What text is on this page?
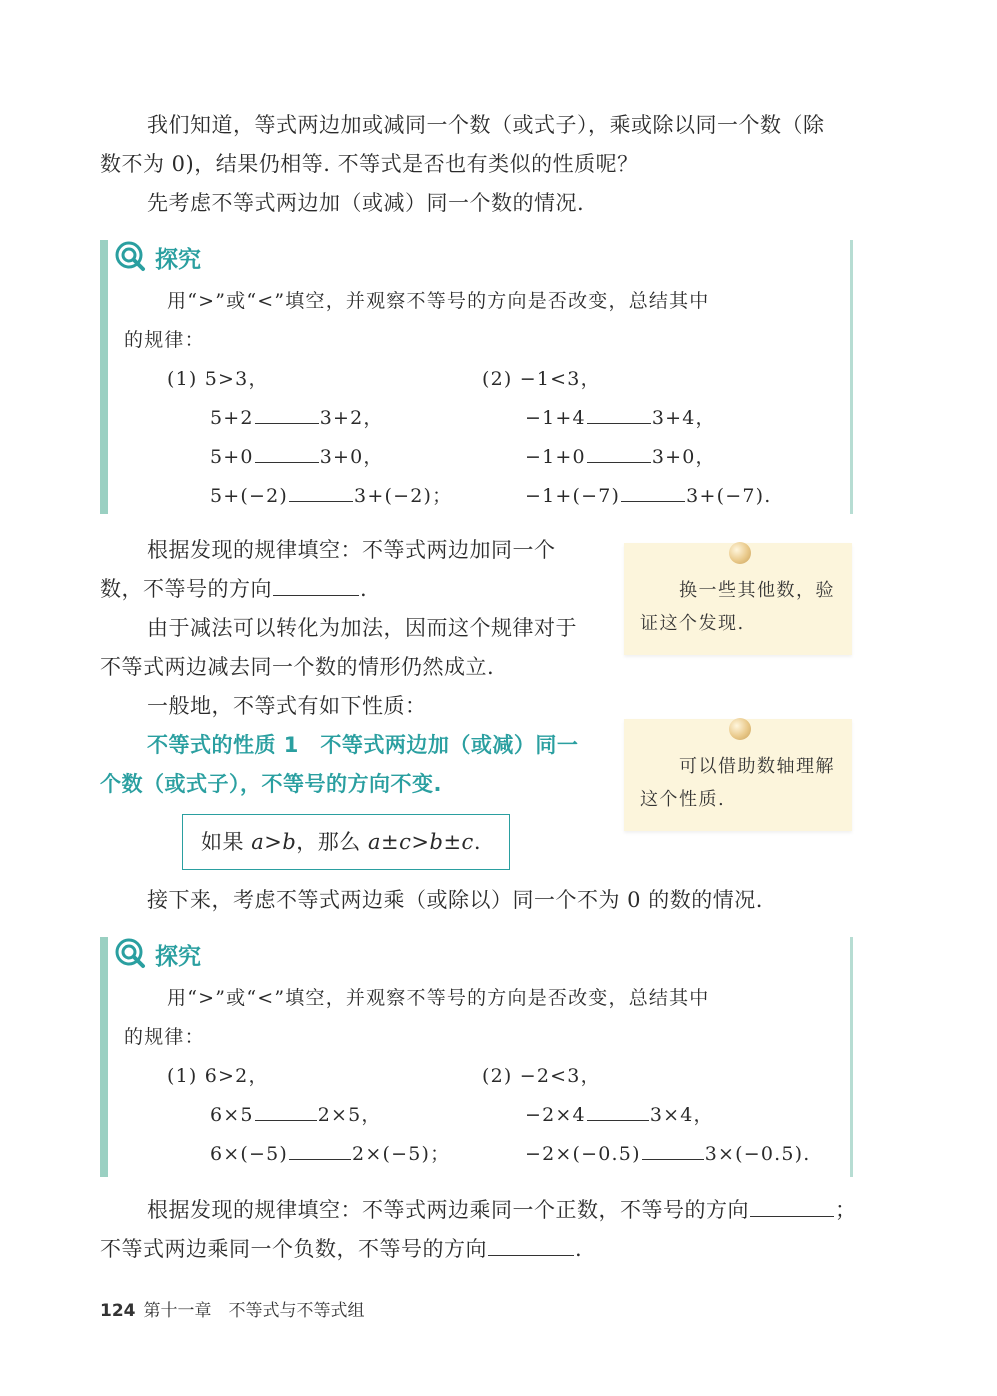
我们知道，等式两边加或减同一个数（或式子），乘或除以同一个数（除
数不为 0)，结果仍相等. 不等式是否也有类似的性质呢？
先考虑不等式两边加（或减）同一个数的情况.
探究
用“>”或“<”填空，并观察不等号的方向是否改变，总结其中
的规律：
(1) 5>3，
5+2	3+2，
5+0	3+0，
5+(−2)	3+(−2)；
(2) −1<3，
−1+4	3+4，
−1+0	3+0，
−1+(−7)	3+(−7).
根据发现的规律填空：不等式两边加同一个
数，不等号的方向	.
由于减法可以转化为加法，因而这个规律对于
不等式两边减去同一个数的情形仍然成立.
一般地，不等式有如下性质：
不等式的性质 1　不等式两边加（或减）同一
个数（或式子），不等号的方向不变.
如果 a>b，那么 a±c>b±c.
换一些其他数，验
证这个发现.
可以借助数轴理解
这个性质.
接下来，考虑不等式两边乘（或除以）同一个不为 0 的数的情况.
探究
用“>”或“<”填空，并观察不等号的方向是否改变，总结其中
的规律：
(1) 6>2，
6×5	2×5，
6×(−5)	2×(−5)；
(2) −2<3，
−2×4	3×4，
−2×(−0.5)	3×(−0.5).
根据发现的规律填空：不等式两边乘同一个正数，不等号的方向	；
不等式两边乘同一个负数，不等号的方向	.
124 第十一章　不等式与不等式组
